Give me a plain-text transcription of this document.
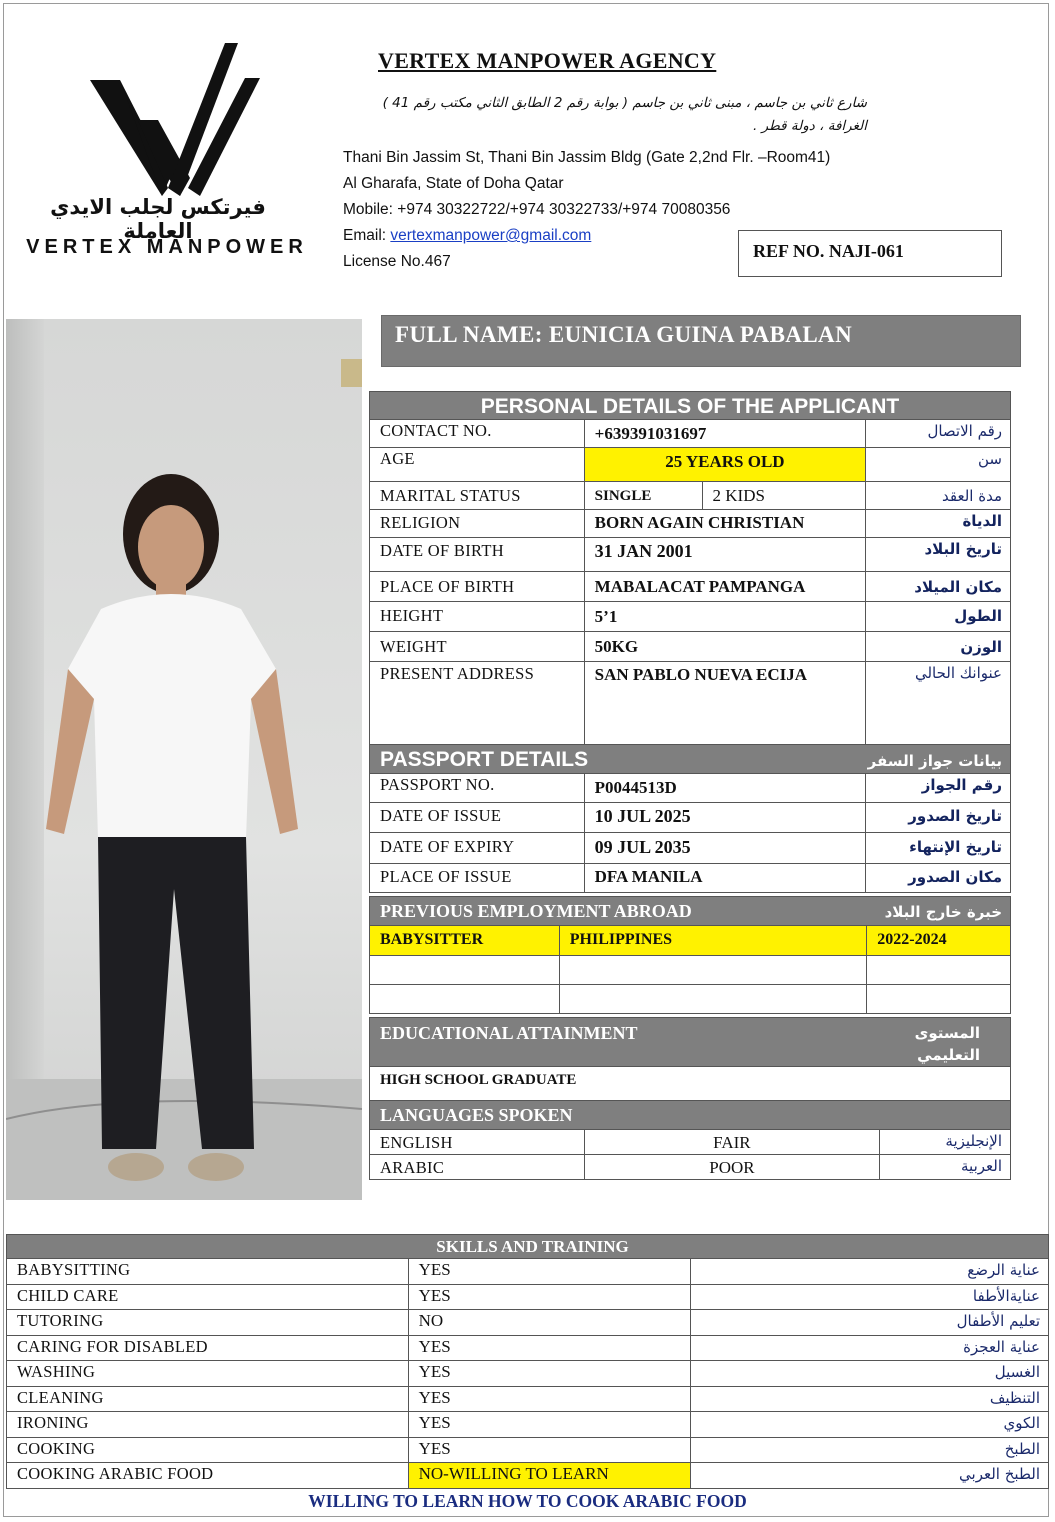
فيرتكس لجلب الايدي العاملة
VERTEX MANPOWER
VERTEX MANPOWER AGENCY
شارع ثاني بن جاسم ، مبنى ثاني بن جاسم ( بوابة رقم 2 الطابق الثاني مكتب رقم 41 )
الغرافة ، دولة قطر .
Thani Bin Jassim St, Thani Bin Jassim Bldg (Gate 2,2nd Flr. –Room41)
Al Gharafa, State of Doha Qatar
Mobile: +974 30322722/+974 30322733/+974 70080356
Email: vertexmanpower@gmail.com
License No.467
REF NO. NAJI-061
FULL NAME: EUNICIA GUINA PABALAN
PERSONAL DETAILS OF THE APPLICANT			
CONTACT NO.	+639391031697		رقم الاتصال
AGE	25 YEARS OLD		سن
MARITAL STATUS	SINGLE	2 KIDS	مدة العقد
RELIGION	BORN AGAIN CHRISTIAN		الدياة
DATE OF BIRTH	31 JAN 2001		تاريخ البلاد
PLACE OF BIRTH	MABALACAT PAMPANGA		مكان الميلاد
HEIGHT	5’1		الطول
WEIGHT	50KG		الوزن
PRESENT ADDRESS	SAN PABLO NUEVA ECIJA		عنوانك الحالي
PASSPORT DETAILS			بيانات جواز السفر
PASSPORT NO.	P0044513D		رقم الجواز
DATE OF ISSUE	10 JUL 2025		تاريخ الصدور
DATE OF EXPIRY	09 JUL 2035		تاريخ الإنتهاء
PLACE OF ISSUE	DFA MANILA		مكان الصدور
PREVIOUS EMPLOYMENT ABROAD		خبرة خارج البلاد
BABYSITTER	PHILIPPINES	2022-2024

EDUCATIONAL ATTAINMENT	المستوى التعليمي
HIGH SCHOOL GRADUATE
LANGUAGES SPOKEN		
ENGLISH	FAIR	الإنجليزية
ARABIC	POOR	العربية
SKILLS AND TRAINING		
BABYSITTING	YES	عناية الرضع
CHILD CARE	YES	عنايةالأطفا
TUTORING	NO	تعليم الأطفال
CARING FOR DISABLED	YES	عناية العجزة
WASHING	YES	الغسيل
CLEANING	YES	التنظيف
IRONING	YES	الكوي
COOKING	YES	الطبخ
COOKING ARABIC FOOD	NO-WILLING TO LEARN	الطبخ العربي
WILLING TO LEARN HOW TO COOK ARABIC FOOD
